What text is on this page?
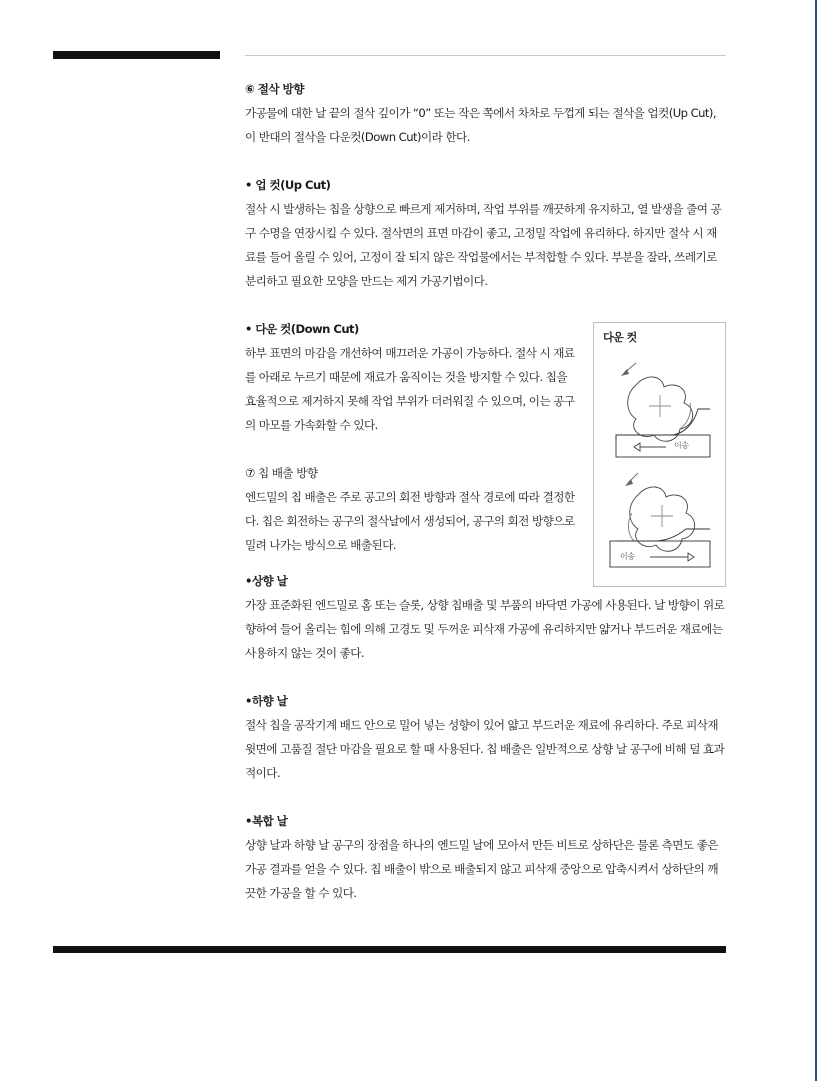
⑥ 절삭 방향

가공물에 대한 날 끝의 절삭 깊이가 “0” 또는 작은 쪽에서 차차로 두껍게 되는 절삭을 업컷(Up Cut), 이 반대의 절삭을 다운컷(Down Cut)이라 한다.

• 업 컷(Up Cut)

절삭 시 발생하는 칩을 상향으로 빠르게 제거하며, 작업 부위를 깨끗하게 유지하고, 열 발생을 줄여 공구 수명을 연장시킬 수 있다. 절삭면의 표면 마감이 좋고, 고정밀 작업에 유리하다. 하지만 절삭 시 재료를 들어 올릴 수 있어, 고정이 잘 되지 않은 작업물에서는 부적합할 수 있다. 부분을 잘라, 쓰레기로 분리하고 필요한 모양을 만드는 제거 가공기법이다.

• 다운 컷(Down Cut)

하부 표면의 마감을 개선하여 매끄러운 가공이 가능하다. 절삭 시 재료를 아래로 누르기 때문에 재료가 움직이는 것을 방지할 수 있다. 칩을 효율적으로 제거하지 못해 작업 부위가 더러워질 수 있으며, 이는 공구의 마모를 가속화할 수 있다.

⑦ 칩 배출 방향

엔드밀의 칩 배출은 주로 공고의 회전 방향과 절삭 경로에 따라 결정한다. 칩은 회전하는 공구의 절삭날에서 생성되어, 공구의 회전 방향으로 밀려 나가는 방식으로 배출된다.

•상향 날

가장 표준화된 엔드밀로 홈 또는 슬롯, 상향 칩배출 및 부품의 바닥면 가공에 사용된다. 날 방향이 위로 향하여 들어 올리는 힘에 의해 고경도 및 두꺼운 피삭재 가공에 유리하지만 얇거나 부드러운 재료에는 사용하지 않는 것이 좋다.

•하향 날

절삭 칩을 공작기계 배드 안으로 밀어 넣는 성향이 있어 얇고 부드러운 재료에 유리하다. 주로 피삭재 윗면에 고품질 절단 마감을 필요로 할 때 사용된다. 칩 배출은 일반적으로 상향 날 공구에 비해 덜 효과적이다.

•복합 날

상향 날과 하향 날 공구의 장점을 하나의 엔드밀 날에 모아서 만든 비트로 상하단은 물론 측면도 좋은 가공 결과를 얻을 수 있다. 칩 배출이 밖으로 배출되지 않고 피삭재 중앙으로 압축시켜서 상하단의 깨끗한 가공을 할 수 있다.

다운 컷
이송
이송
